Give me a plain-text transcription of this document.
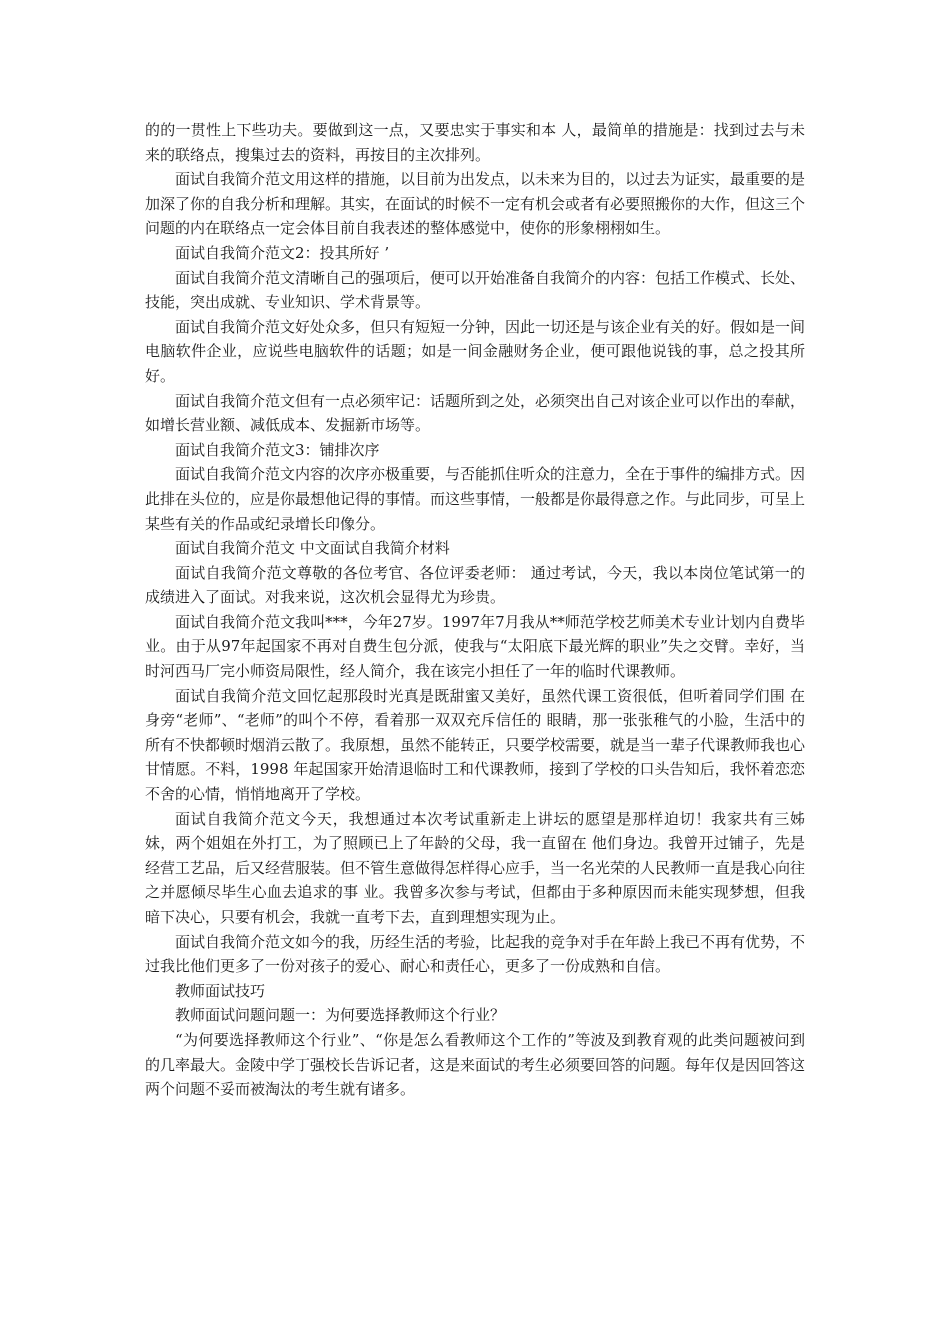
的的一贯性上下些功夫。要做到这一点，又要忠实于事实和本 人，最简单的措施是：找到过去与未来的联络点，搜集过去的资料，再按目的主次排列。

面试自我简介范文用这样的措施，以目前为出发点，以未来为目的，以过去为证实，最重要的是加深了你的自我分析和理解。其实，在面试的时候不一定有机会或者有必要照搬你的大作，但这三个问题的内在联络点一定会体目前自我表述的整体感觉中，使你的形象栩栩如生。

面试自我简介范文2：投其所好 ’

面试自我简介范文清晰自己的强项后，便可以开始准备自我简介的内容：包括工作模式、长处、技能，突出成就、专业知识、学术背景等。

面试自我简介范文好处众多，但只有短短一分钟，因此一切还是与该企业有关的好。假如是一间电脑软件企业，应说些电脑软件的话题；如是一间金融财务企业，便可跟他说钱的事，总之投其所好。

面试自我简介范文但有一点必须牢记：话题所到之处，必须突出自己对该企业可以作出的奉献，如增长营业额、减低成本、发掘新市场等。

面试自我简介范文3：铺排次序

面试自我简介范文内容的次序亦极重要，与否能抓住听众的注意力，全在于事件的编排方式。因此排在头位的，应是你最想他记得的事情。而这些事情，一般都是你最得意之作。与此同步，可呈上某些有关的作品或纪录增长印像分。

面试自我简介范文 中文面试自我简介材料

面试自我简介范文尊敬的各位考官、各位评委老师： 通过考试，今天，我以本岗位笔试第一的成绩进入了面试。对我来说，这次机会显得尤为珍贵。

面试自我简介范文我叫***，今年27岁。1997年7月我从**师范学校艺师美术专业计划内自费毕业。由于从97年起国家不再对自费生包分派，使我与“太阳底下最光辉的职业”失之交臂。幸好，当时河西马厂完小师资局限性，经人简介，我在该完小担任了一年的临时代课教师。

面试自我简介范文回忆起那段时光真是既甜蜜又美好，虽然代课工资很低，但听着同学们围 在身旁“老师”、“老师”的叫个不停，看着那一双双充斥信任的 眼睛，那一张张稚气的小脸，生活中的所有不快都顿时烟消云散了。我原想，虽然不能转正，只要学校需要，就是当一辈子代课教师我也心甘情愿。不料，1998 年起国家开始清退临时工和代课教师，接到了学校的口头告知后，我怀着恋恋不舍的心情，悄悄地离开了学校。

面试自我简介范文今天，我想通过本次考试重新走上讲坛的愿望是那样迫切！我家共有三姊 妹，两个姐姐在外打工，为了照顾已上了年龄的父母，我一直留在 他们身边。我曾开过铺子，先是经营工艺品，后又经营服装。但不管生意做得怎样得心应手，当一名光荣的人民教师一直是我心向往之并愿倾尽毕生心血去追求的事 业。我曾多次参与考试，但都由于多种原因而未能实现梦想，但我暗下决心，只要有机会，我就一直考下去，直到理想实现为止。

面试自我简介范文如今的我，历经生活的考验，比起我的竞争对手在年龄上我已不再有优势，不过我比他们更多了一份对孩子的爱心、耐心和责任心，更多了一份成熟和自信。

教师面试技巧

教师面试问题问题一：为何要选择教师这个行业？

“为何要选择教师这个行业”、“你是怎么看教师这个工作的”等波及到教育观的此类问题被问到的几率最大。金陵中学丁强校长告诉记者，这是来面试的考生必须要回答的问题。每年仅是因回答这两个问题不妥而被淘汰的考生就有诸多。
